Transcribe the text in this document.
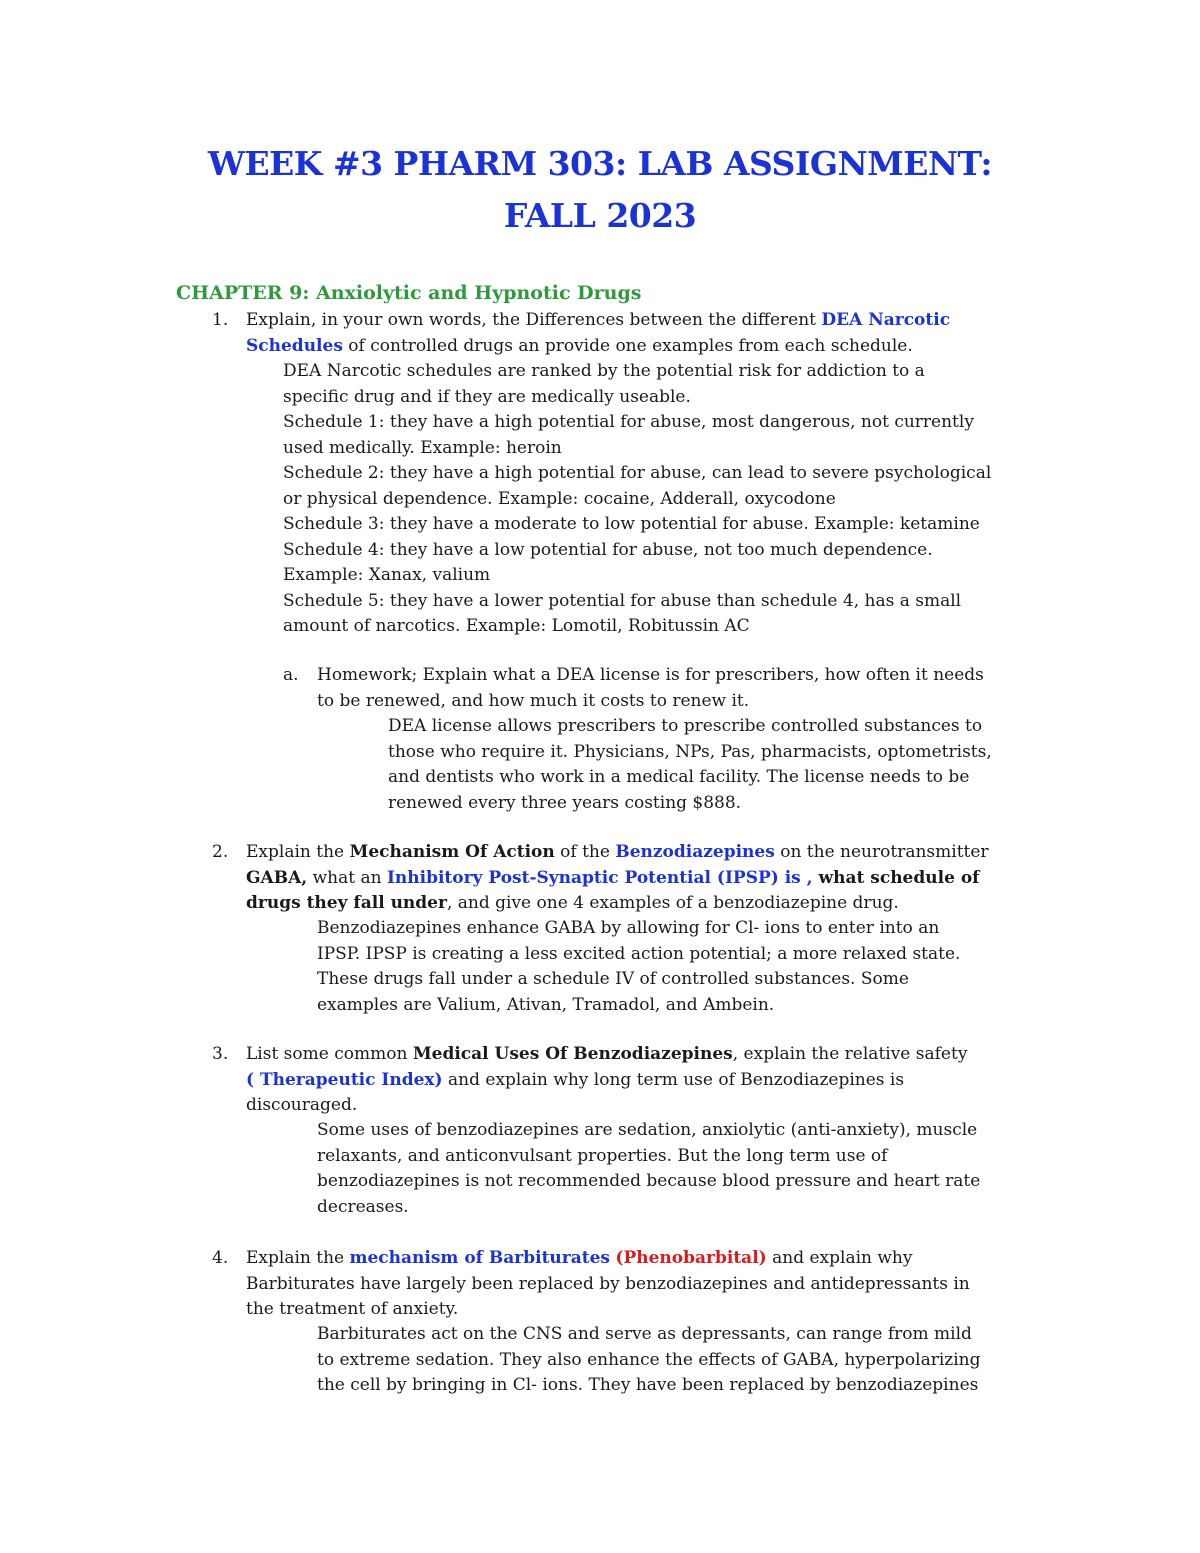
WEEK #3 PHARM 303: LAB ASSIGNMENT:
FALL 2023
CHAPTER 9: Anxiolytic and Hypnotic Drugs
1. Explain, in your own words, the Differences between the different DEA Narcotic
Schedules of controlled drugs an provide one examples from each schedule.
DEA Narcotic schedules are ranked by the potential risk for addiction to a
specific drug and if they are medically useable.
Schedule 1: they have a high potential for abuse, most dangerous, not currently
used medically. Example: heroin
Schedule 2: they have a high potential for abuse, can lead to severe psychological
or physical dependence. Example: cocaine, Adderall, oxycodone
Schedule 3: they have a moderate to low potential for abuse. Example: ketamine
Schedule 4: they have a low potential for abuse, not too much dependence.
Example: Xanax, valium
Schedule 5: they have a lower potential for abuse than schedule 4, has a small
amount of narcotics. Example: Lomotil, Robitussin AC
a. Homework; Explain what a DEA license is for prescribers, how often it needs
to be renewed, and how much it costs to renew it.
DEA license allows prescribers to prescribe controlled substances to
those who require it. Physicians, NPs, Pas, pharmacists, optometrists,
and dentists who work in a medical facility. The license needs to be
renewed every three years costing $888.
2. Explain the Mechanism Of Action of the Benzodiazepines on the neurotransmitter
GABA, what an Inhibitory Post-Synaptic Potential (IPSP) is , what schedule of
drugs they fall under, and give one 4 examples of a benzodiazepine drug.
Benzodiazepines enhance GABA by allowing for Cl- ions to enter into an
IPSP. IPSP is creating a less excited action potential; a more relaxed state.
These drugs fall under a schedule IV of controlled substances. Some
examples are Valium, Ativan, Tramadol, and Ambein.
3. List some common Medical Uses Of Benzodiazepines, explain the relative safety
( Therapeutic Index) and explain why long term use of Benzodiazepines is
discouraged.
Some uses of benzodiazepines are sedation, anxiolytic (anti-anxiety), muscle
relaxants, and anticonvulsant properties. But the long term use of
benzodiazepines is not recommended because blood pressure and heart rate
decreases.
4. Explain the mechanism of Barbiturates (Phenobarbital) and explain why
Barbiturates have largely been replaced by benzodiazepines and antidepressants in
the treatment of anxiety.
Barbiturates act on the CNS and serve as depressants, can range from mild
to extreme sedation. They also enhance the effects of GABA, hyperpolarizing
the cell by bringing in Cl- ions. They have been replaced by benzodiazepines
